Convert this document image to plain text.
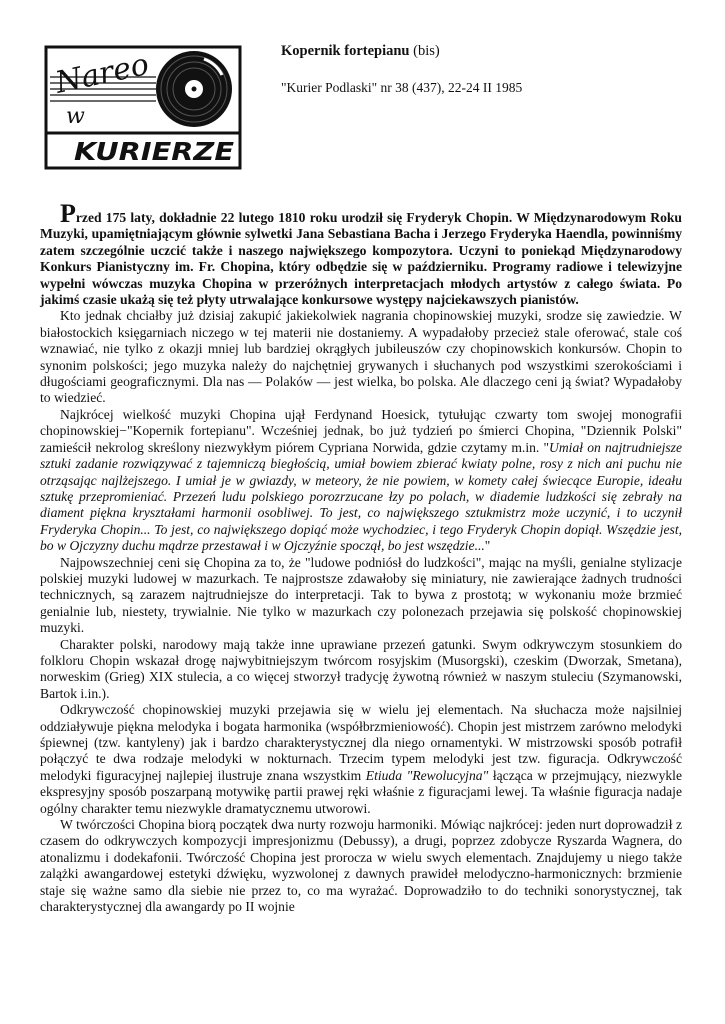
Nareo
w
KURIERZE
Kopernik fortepianu (bis)
"Kurier Podlaski" nr 38 (437), 22-24 II 1985

Przed 175 laty, dokładnie 22 lutego 1810 roku urodził się Fryderyk Chopin. W Międzynarodowym Roku Muzyki, upamiętniającym głównie sylwetki Jana Sebastiana Bacha i Jerzego Fryderyka Haendla, powinniśmy zatem szczególnie uczcić także i naszego największego kompozytora. Uczyni to poniekąd Międzynarodowy Konkurs Pianistyczny im. Fr. Chopina, który odbędzie się w październiku. Programy radiowe i telewizyjne wypełni wówczas muzyka Chopina w przeróżnych interpretacjach młodych artystów z całego świata. Po jakimś czasie ukażą się też płyty utrwalające konkursowe występy najciekawszych pianistów.

Kto jednak chciałby już dzisiaj zakupić jakiekolwiek nagrania chopinowskiej muzyki, srodze się zawiedzie. W białostockich księgarniach niczego w tej materii nie dostaniemy. A wypadałoby przecież stale oferować, stale coś wznawiać, nie tylko z okazji mniej lub bardziej okrągłych jubileuszów czy chopinowskich konkursów. Chopin to synonim polskości; jego muzyka należy do najchętniej grywanych i słuchanych pod wszystkimi szerokościami i długościami geograficznymi. Dla nas — Polaków — jest wielka, bo polska. Ale dlaczego ceni ją świat? Wypadałoby to wiedzieć.

Najkrócej wielkość muzyki Chopina ujął Ferdynand Hoesick, tytułując czwarty tom swojej monografii chopinowskiej−"Kopernik fortepianu". Wcześniej jednak, bo już tydzień po śmierci Chopina, "Dziennik Polski" zamieścił nekrolog skreślony niezwykłym piórem Cypriana Norwida, gdzie czytamy m.in. "Umiał on najtrudniejsze sztuki zadanie rozwiązywać z tajemniczą biegłością, umiał bowiem zbierać kwiaty polne, rosy z nich ani puchu nie otrząsając najlżejszego. I umiał je w gwiazdy, w meteory, że nie powiem, w komety całej świecące Europie, ideału sztukę przepromieniać. Przezeń ludu polskiego porozrzucane łzy po polach, w diademie ludzkości się zebrały na diament piękna kryształami harmonii osobliwej. To jest, co największego sztukmistrz może uczynić, i to uczynił Fryderyka Chopin... To jest, co największego dopiąć może wychodziec, i tego Fryderyk Chopin dopiął. Wszędzie jest, bo w Ojczyzny duchu mądrze przestawał i w Ojczyźnie spoczął, bo jest wszędzie..."

Najpowszechniej ceni się Chopina za to, że "ludowe podniósł do ludzkości", mając na myśli, genialne stylizacje polskiej muzyki ludowej w mazurkach. Te najprostsze zdawałoby się miniatury, nie zawierające żadnych trudności technicznych, są zarazem najtrudniejsze do interpretacji. Tak to bywa z prostotą; w wykonaniu może brzmieć genialnie lub, niestety, trywialnie. Nie tylko w mazurkach czy polonezach przejawia się polskość chopinowskiej muzyki.

Charakter polski, narodowy mają także inne uprawiane przezeń gatunki. Swym odkrywczym stosunkiem do folkloru Chopin wskazał drogę najwybitniejszym twórcom rosyjskim (Musorgski), czeskim (Dworzak, Smetana), norweskim (Grieg) XIX stulecia, a co więcej stworzył tradycję żywotną również w naszym stuleciu (Szymanowski, Bartok i.in.).

Odkrywczość chopinowskiej muzyki przejawia się w wielu jej elementach. Na słuchacza może najsilniej oddziaływuje piękna melodyka i bogata harmonika (współbrzmieniowość). Chopin jest mistrzem zarówno melodyki śpiewnej (tzw. kantyleny) jak i bardzo charakterystycznej dla niego ornamentyki. W mistrzowski sposób potrafił połączyć te dwa rodzaje melodyki w nokturnach. Trzecim typem melodyki jest tzw. figuracja. Odkrywczość melodyki figuracyjnej najlepiej ilustruje znana wszystkim Etiuda "Rewolucyjna" łącząca w przejmujący, niezwykle ekspresyjny sposób poszarpaną motywikę partii prawej ręki właśnie z figuracjami lewej. Ta właśnie figuracja nadaje ogólny charakter temu niezwykle dramatycznemu utworowi.

W twórczości Chopina biorą początek dwa nurty rozwoju harmoniki. Mówiąc najkrócej: jeden nurt doprowadził z czasem do odkrywczych kompozycji impresjonizmu (Debussy), a drugi, poprzez zdobycze Ryszarda Wagnera, do atonalizmu i dodekafonii. Twórczość Chopina jest prorocza w wielu swych elementach. Znajdujemy u niego także zalążki awangardowej estetyki dźwięku, wyzwolonej z dawnych prawideł melodyczno-harmonicznych: brzmienie staje się ważne samo dla siebie nie przez to, co ma wyrażać. Doprowadziło to do techniki sonorystycznej, tak charakterystycznej dla awangardy po II wojnie
